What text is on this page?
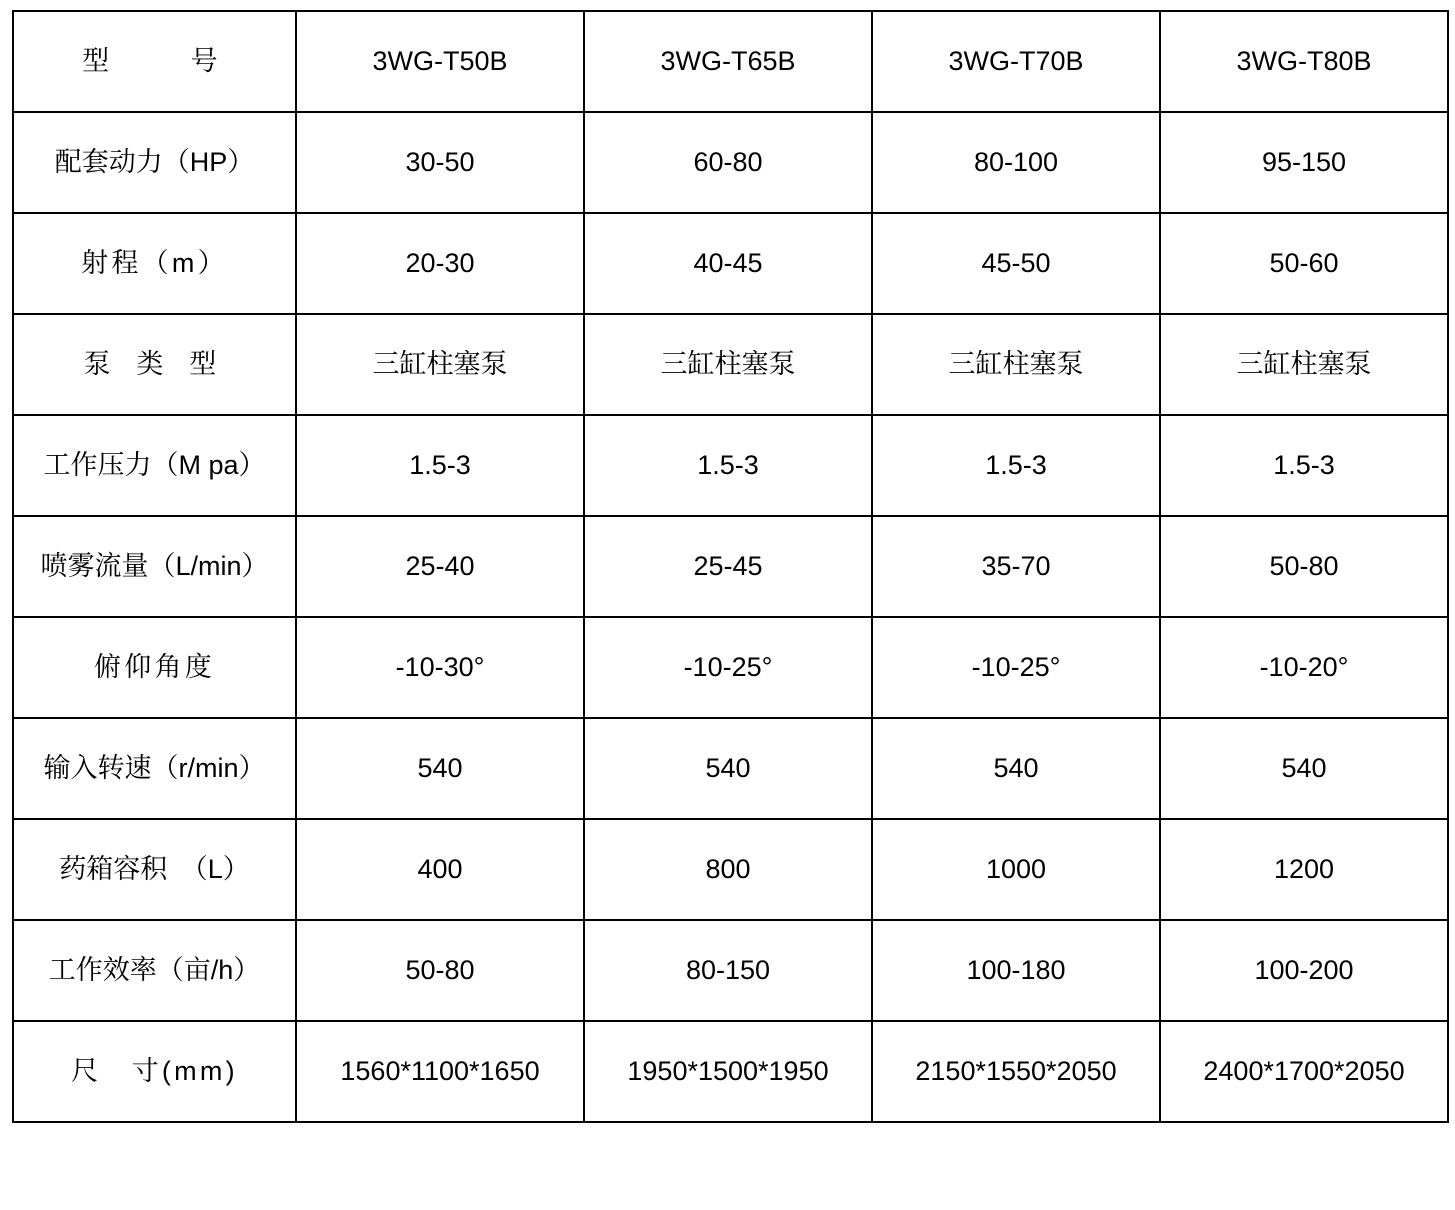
型　　号	3WG-T50B	3WG-T65B	3WG-T70B	3WG-T80B
配套动力（HP）	30-50	60-80	80-100	95-150
射程（m）	20-30	40-45	45-50	50-60
泵 类 型	三缸柱塞泵	三缸柱塞泵	三缸柱塞泵	三缸柱塞泵
工作压力（M pa）	1.5-3	1.5-3	1.5-3	1.5-3
喷雾流量（L/min）	25-40	25-45	35-70	50-80
俯仰角度	-10-30°	-10-25°	-10-25°	-10-20°
输入转速（r/min）	540	540	540	540
药箱容积　（L）	400	800	1000	1200
工作效率（亩/h）	50-80	80-150	100-180	100-200
尺　寸(mm)	1560*1100*1650	1950*1500*1950	2150*1550*2050	2400*1700*2050
